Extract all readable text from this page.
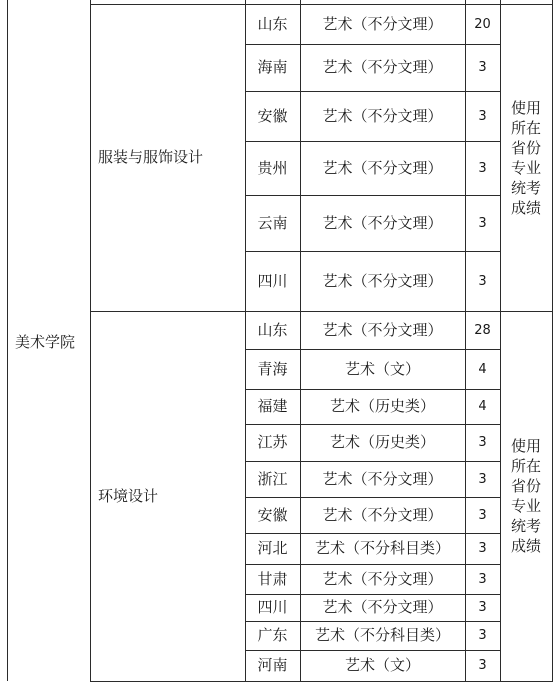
美术学院
服装与服饰设计
使用所在省份专业统考成绩
山东 艺术（不分文理） 20
海南 艺术（不分文理）	3
安徽 艺术（不分文理）	3
贵州 艺术（不分文理）	3
云南 艺术（不分文理）	3
四川 艺术（不分文理）	3
环境设计
使用所在省份专业统考成绩
山东 艺术（不分文理） 28
青海	艺术（文）	4
福建	艺术（历史类）	4
江苏	艺术（历史类）	3
浙江 艺术（不分文理）	3
安徽 艺术（不分文理）	3
河北 艺术（不分科目类） 3
甘肃 艺术（不分文理）	3
四川 艺术（不分文理）	3
广东 艺术（不分科目类） 3
河南	艺术（文）	3
